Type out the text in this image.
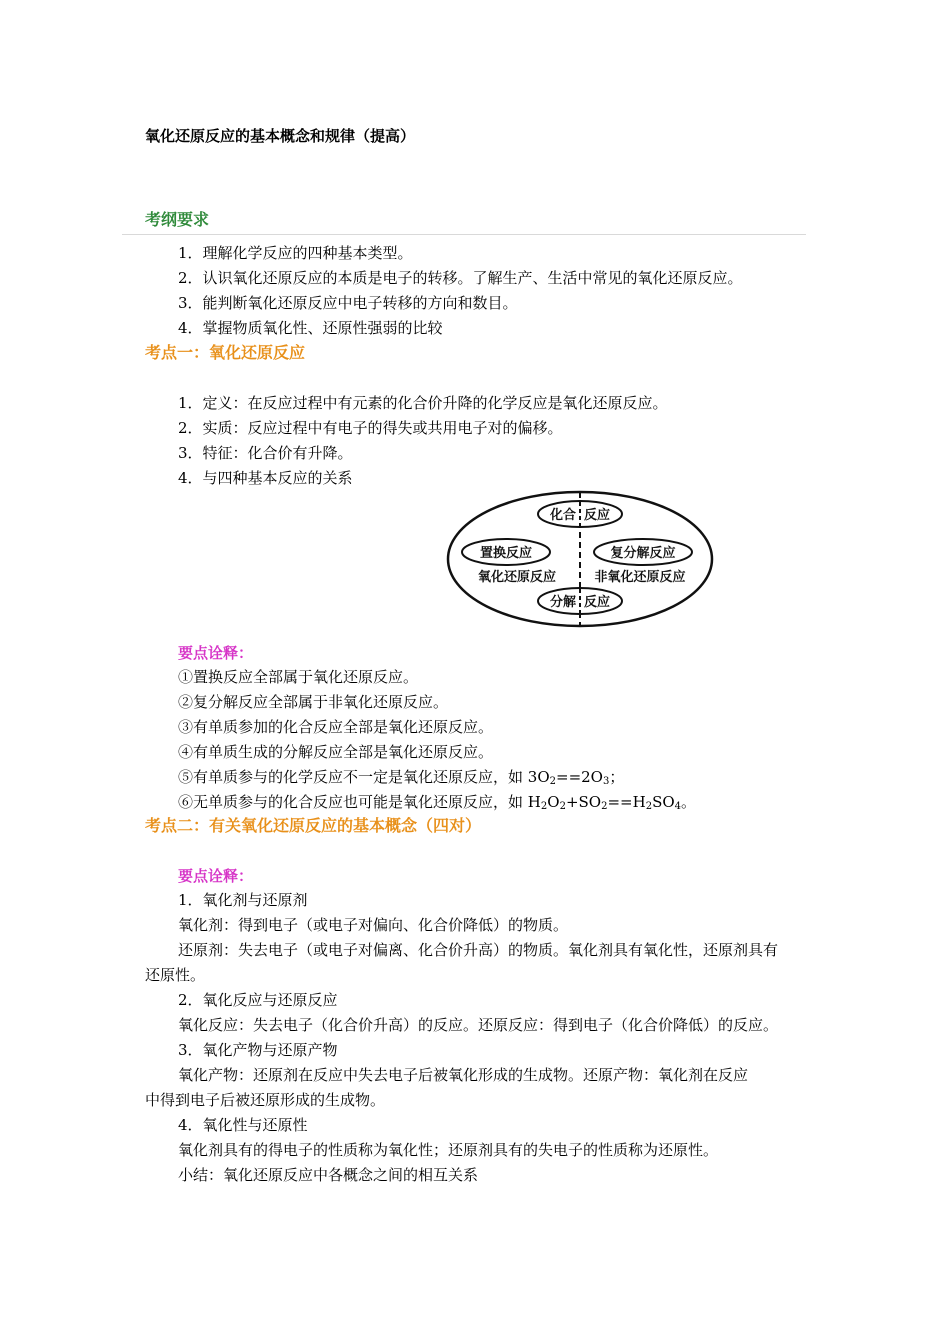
氧化还原反应的基本概念和规律（提高）
考纲要求
1．理解化学反应的四种基本类型。
2．认识氧化还原反应的本质是电子的转移。了解生产、生活中常见的氧化还原反应。
3．能判断氧化还原反应中电子转移的方向和数目。
4．掌握物质氧化性、还原性强弱的比较
考点一：氧化还原反应
1．定义：在反应过程中有元素的化合价升降的化学反应是氧化还原反应。
2．实质：反应过程中有电子的得失或共用电子对的偏移。
3．特征：化合价有升降。
4．与四种基本反应的关系
化合 反应
置换反应	复分解反应
氧化还原反应	非氧化还原反应
分解 反应
要点诠释：
①置换反应全部属于氧化还原反应。
②复分解反应全部属于非氧化还原反应。
③有单质参加的化合反应全部是氧化还原反应。
④有单质生成的分解反应全部是氧化还原反应。
⑤有单质参与的化学反应不一定是氧化还原反应，如 $3O_2==2O_3$；
⑥无单质参与的化合反应也可能是氧化还原反应，如 $H_2O_2+SO_2==H_2SO_4$。
考点二：有关氧化还原反应的基本概念（四对）
要点诠释：
1．氧化剂与还原剂
氧化剂：得到电子（或电子对偏向、化合价降低）的物质。
还原剂：失去电子（或电子对偏离、化合价升高）的物质。氧化剂具有氧化性，还原剂具有
还原性。
2．氧化反应与还原反应
氧化反应：失去电子（化合价升高）的反应。还原反应：得到电子（化合价降低）的反应。
3．氧化产物与还原产物
氧化产物：还原剂在反应中失去电子后被氧化形成的生成物。还原产物：氧化剂在反应
中得到电子后被还原形成的生成物。
4．氧化性与还原性
氧化剂具有的得电子的性质称为氧化性；还原剂具有的失电子的性质称为还原性。
小结：氧化还原反应中各概念之间的相互关系
